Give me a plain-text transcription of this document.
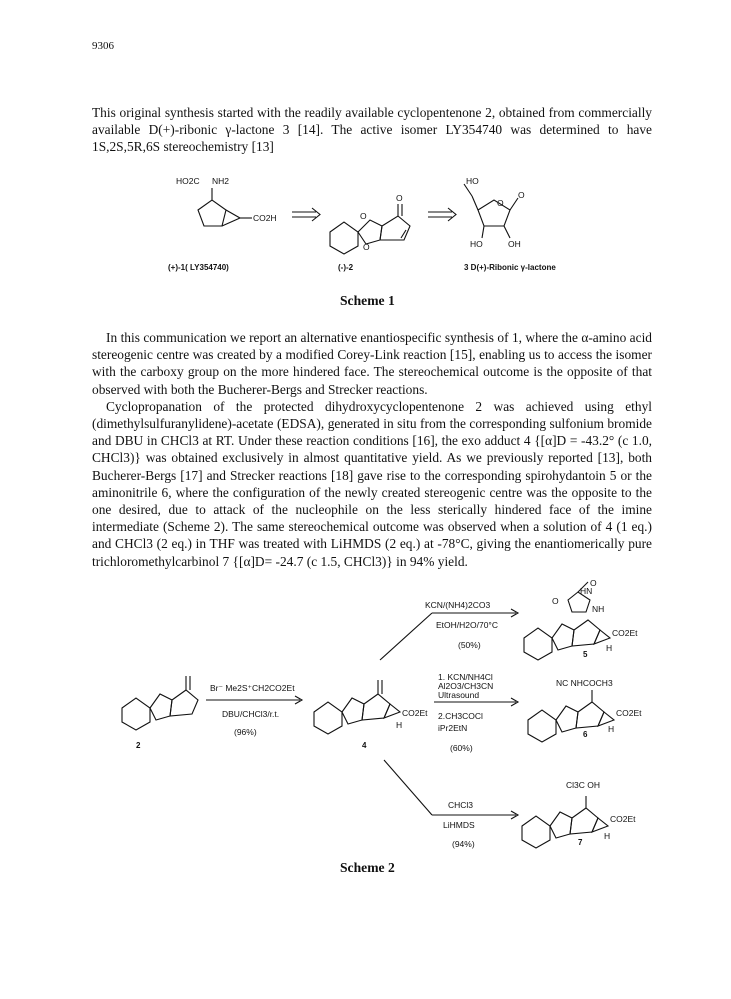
9306
This original synthesis started with the readily available cyclopentenone 2, obtained from commercially available D(+)-ribonic γ-lactone 3 [14]. The active isomer LY354740 was determined to have 1S,2S,5R,6S stereochemistry [13]
HO2C NH2
CO2H
O
O
O
HO
O
O
HO	OH
(+)-1( LY354740)	(-)-2	3 D(+)-Ribonic γ-lactone
Scheme 1
In this communication we report an alternative enantiospecific synthesis of 1, where the α-amino acid stereogenic centre was created by a modified Corey-Link reaction [15], enabling us to access the isomer with the carboxy group on the more hindered face. The stereochemical outcome is the opposite of that observed with both the Bucherer-Bergs and Strecker reactions.
Cyclopropanation of the protected dihydroxycyclopentenone 2 was achieved using ethyl (dimethylsulfuranylidene)-acetate (EDSA), generated in situ from the corresponding sulfonium bromide and DBU in CHCl3 at RT. Under these reaction conditions [16], the exo adduct 4 {[α]D = -43.2° (c 1.0, CHCl3)} was obtained exclusively in almost quantitative yield. As we previously reported [13], both Bucherer-Bergs [17] and Strecker reactions [18] gave rise to the corresponding spirohydantoin 5 or the aminonitrile 6, where the configuration of the newly created stereogenic centre was the opposite to the one desired, due to attack of the nucleophile on the less sterically hindered face of the imine intermediate (Scheme 2). The same stereochemical outcome was observed when a solution of 4 (1 eq.) and CHCl3 (2 eq.) in THF was treated with LiHMDS (2 eq.) at -78°C, giving the enantiomerically pure trichloromethylcarbinol 7 {[α]D= -24.7 (c 1.5, CHCl3)} in 94% yield.
2
Br⁻ Me2S⁺CH2CO2Et
DBU/CHCl3/r.t.
(96%)
CO2Et
H
4
KCN/(NH4)2CO3
EtOH/H2O/70°C
(50%)
HN
O
O
NH
CO2Et
H
5
1. KCN/NH4Cl
Al2O3/CH3CN
Ultrasound
2.CH3COCl
iPr2EtN
(60%)
NC NHCOCH3
CO2Et
H
6
CHCl3
LiHMDS
(94%)
Cl3C OH
CO2Et
H
7
Scheme 2
